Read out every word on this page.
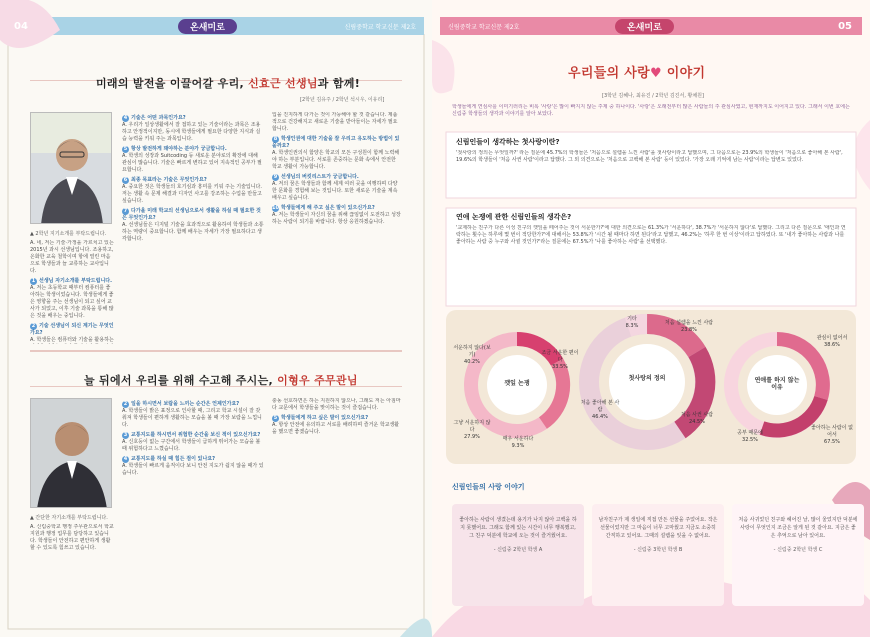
04	온새미로	신림중학교 학교신문 제2호
미래의 발전을 이끌어갈 우리, 신효근 선생님과 함께!
[2학년 김유주 / 2학년 석시우, 이유리]
▲ 2학년 지기소개를 부탁드립니다.

A. 네, 저는 기술·가정을 가르치고 있는 2015년 과시 선생님입니다. 조용하고, 온화한 교육 철학이며 항에 열린 마음으로 학생들과 늘 교류하는 교사입니다.

1 선생님 자기소개를 부탁드립니다.

A. 저는 초등학교 때부터 컴퓨터를 좋아하는 학생이었습니다. 학생들에게 좋은 영향을 주는 선생님이 되고 싶어 교사가 되었고, 이후 기술 과목을 통해 많은 것을 배우는 중입니다.

2 기술 선생님이 되신 계기는 무엇인가요?

A. 학생들은 컴퓨터와 기술을 활용하는

4 기술은 어떤 과목인가요?

A. 우리가 일상생활에서 잘 접하고 있는 기술이라는 과목은 조용하고 안정적이지만, 동시에 학생들에게 필요한 다양한 지식과 실습 능력을 키워 주는 과목입니다.

5 항상 발전하게 돼야하는 분야가 궁금합니다.

A. 학생의 성장과 Suitcoding 등 새로운 분야로의 확장에 대해 관심이 많습니다. 기술은 빠르게 변하고 있어 지속적인 공부가 필요합니다.

6 최종 목표라는 기술은 무엇인가요?

A. 중요한 것은 학생들의 호기심과 흥미를 키워 주는 기술입니다. 저는 생활 속 문제 해결과 디자인 사고를 강조하는 수업을 만들고 싶습니다.

7 다가올 미래 학교의 선생님으로서 생활을 하실 때 필요한 것은 무엇인가요?

A. 선생님들은 디지털 기술을 효과적으로 활용하여 학생들과 소통하는 역량이 중요합니다. 함께 배우는 자세가 가장 필요하다고 생각합니다.

입을 진지하게 다가는 것이 가능해야 할 것 같습니다. 제품 적으로 건강해지고 새로운 기술을 받아들이는 자세가 필요합니다.

8 학생인권에 대한 기술을 잘 우리고 유도하는 방법이 있을까요?

A. 학생인권의식 함양은 학교의 모든 구성원이 함께 노력해야 하는 부분입니다. 서로를 존중하는 문화 속에서 안전한 학교 생활이 가능합니다.

9 선생님의 버킷리스트가 궁금합니다.

A. 저의 꿈은 학생들과 함께 세계 여러 곳을 여행하며 다양한 문화를 경험해 보는 것입니다. 또한 새로운 기술을 계속 배우고 싶습니다.

10 학생들에게 해 주고 싶은 말이 있으신가요?

A. 저는 학생들이 자신의 꿈을 위해 끊임없이 도전하고 성장하는 사람이 되기를 바랍니다. 항상 응원하겠습니다.

늘 뒤에서 우리를 위해 수고해 주시는, 이형우 주무관님
▲ 간단한 자기소개를 부탁드립니다.

A. 신림중학교 행정 주무관으로서 학교 지원과 행정 업무를 담당하고 있습니다. 학생들이 안전하고 편안하게 생활할 수 있도록 힘쓰고 있습니다.

2 일을 하시면서 보람을 느끼는 순간은 언제인가요?

A. 학생들이 밝은 표정으로 인사할 때, 그리고 학교 시설이 잘 갖춰져 학생들이 편하게 생활하는 모습을 볼 때 가장 보람을 느낍니다.

3 교통지도를 하시면서 위험한 순간을 보신 적이 있으신가요?

A. 신호등이 없는 구간에서 학생들이 급하게 뛰어가는 모습을 볼 때 위험하다고 느꼈습니다.

4 교통지도를 하실 때 힘든 점이 있나요?

A. 학생들이 빠르게 움직이다 보니 안전 지도가 쉽지 않을 때가 있습니다.

충동 선호하면은 하는 지원하지 않으나, 그래도 저는 아침마다 교문에서 학생들을 맞이하는 것이 즐겁습니다.

5 학생들에게 하고 싶은 말이 있으신가요?

A. 항상 안전에 유의하고 서로를 배려하며 즐거운 학교생활을 했으면 좋겠습니다.

신림중학교 학교신문 제2호	온새미로	05
우리들의 사랑♥ 이야기
[3학년 김혜나, 최유진 / 2학년 김진서, 황채원]
학생들에게 연심사를 이미기러리는 비록 '사랑'은 많이 빠지지 않는 주제 중 하나이다. '사랑'은 오래전부터 많은 사람들의 주 관심사였고, 현재까지도 이어지고 있다. 그래서 이번 호에는 신림중 학생들의 생각과 이야기를 알아 보았다.
신림인들이 생각하는 첫사랑이란?
'첫사랑의 정의는 무엇일까?' 라는 질문에 45.7%의 학생들은 '처음으로 설렘을 느낀 사람'을 첫사랑이라고 답했으며, 그 다음으로는 23.9%의 학생들이 '처음으로 좋아해 본 사람', 19.6%의 학생들이 '처음 사귄 사람'이라고 답했다. 그 외 의견으로는 '처음으로 고백해 본 사람' 등이 있었다. '가장 오래 기억에 남는 사람'이라는 답변도 있었다.
연애 논쟁에 관한 신림인들의 생각은?
'교제하는 친구가 다른 이성 친구의 깻잎을 떼어주는 것이 서운한가?'에 대한 의견으로는 61.3%가 '서운하다', 38.7%가 '서운하지 않다'로 답했다. 그리고 다른 질문으로 '애인과 연락하는 횟수는 하루에 몇 번이 적당한가?'에 대해서는 53.8%가 '시간 될 때마다 하면 된다'라고 답했고, 46.2%는 '하루 한 번 이상'이라고 답하였다. 또 '내가 좋아하는 사람과 나를 좋아하는 사람 중 누구와 사귈 것인가?'라는 질문에는 67.5%가 '나를 좋아하는 사람'을 선택했다.
깻잎 논쟁
서운하지 않다(보기)
40.2%
그냥 서운하지 않다
27.9%
조금 서운한 편이다
33.5%
매우 서운하다
9.3%
첫사랑의 정의
기타
8.3%	처음 설렘을 느낀 사람
23.8%
처음 좋아해 본 사람
46.4%	처음 사귄 사람
24.5%
연애를 하지 않는 이유
관심이 없어서
38.6%
좋아하는 사람이 없어서
67.5%
공부 때문에
32.5%
신림인들의 사랑 이야기
좋아하는 사람이 생겼는데 용기가 나지 않아 고백을 하지 못했어요. 그래도 함께 있는 시간이 너무 행복했고, 그 친구 덕분에 학교에 오는 것이 즐거웠어요.
- 신림중 2학년 학생 A
남자친구가 제 생일에 직접 만든 선물을 주었어요. 작은 선물이었지만 그 마음이 너무 고마웠고 지금도 소중히 간직하고 있어요. 그때의 설렘을 잊을 수 없어요.
- 신림중 3학년 학생 B
처음 사귀었던 친구와 헤어진 날, 많이 울었지만 덕분에 사랑이 무엇인지 조금은 알게 된 것 같아요. 지금은 좋은 추억으로 남아 있어요.
- 신림중 2학년 학생 C
